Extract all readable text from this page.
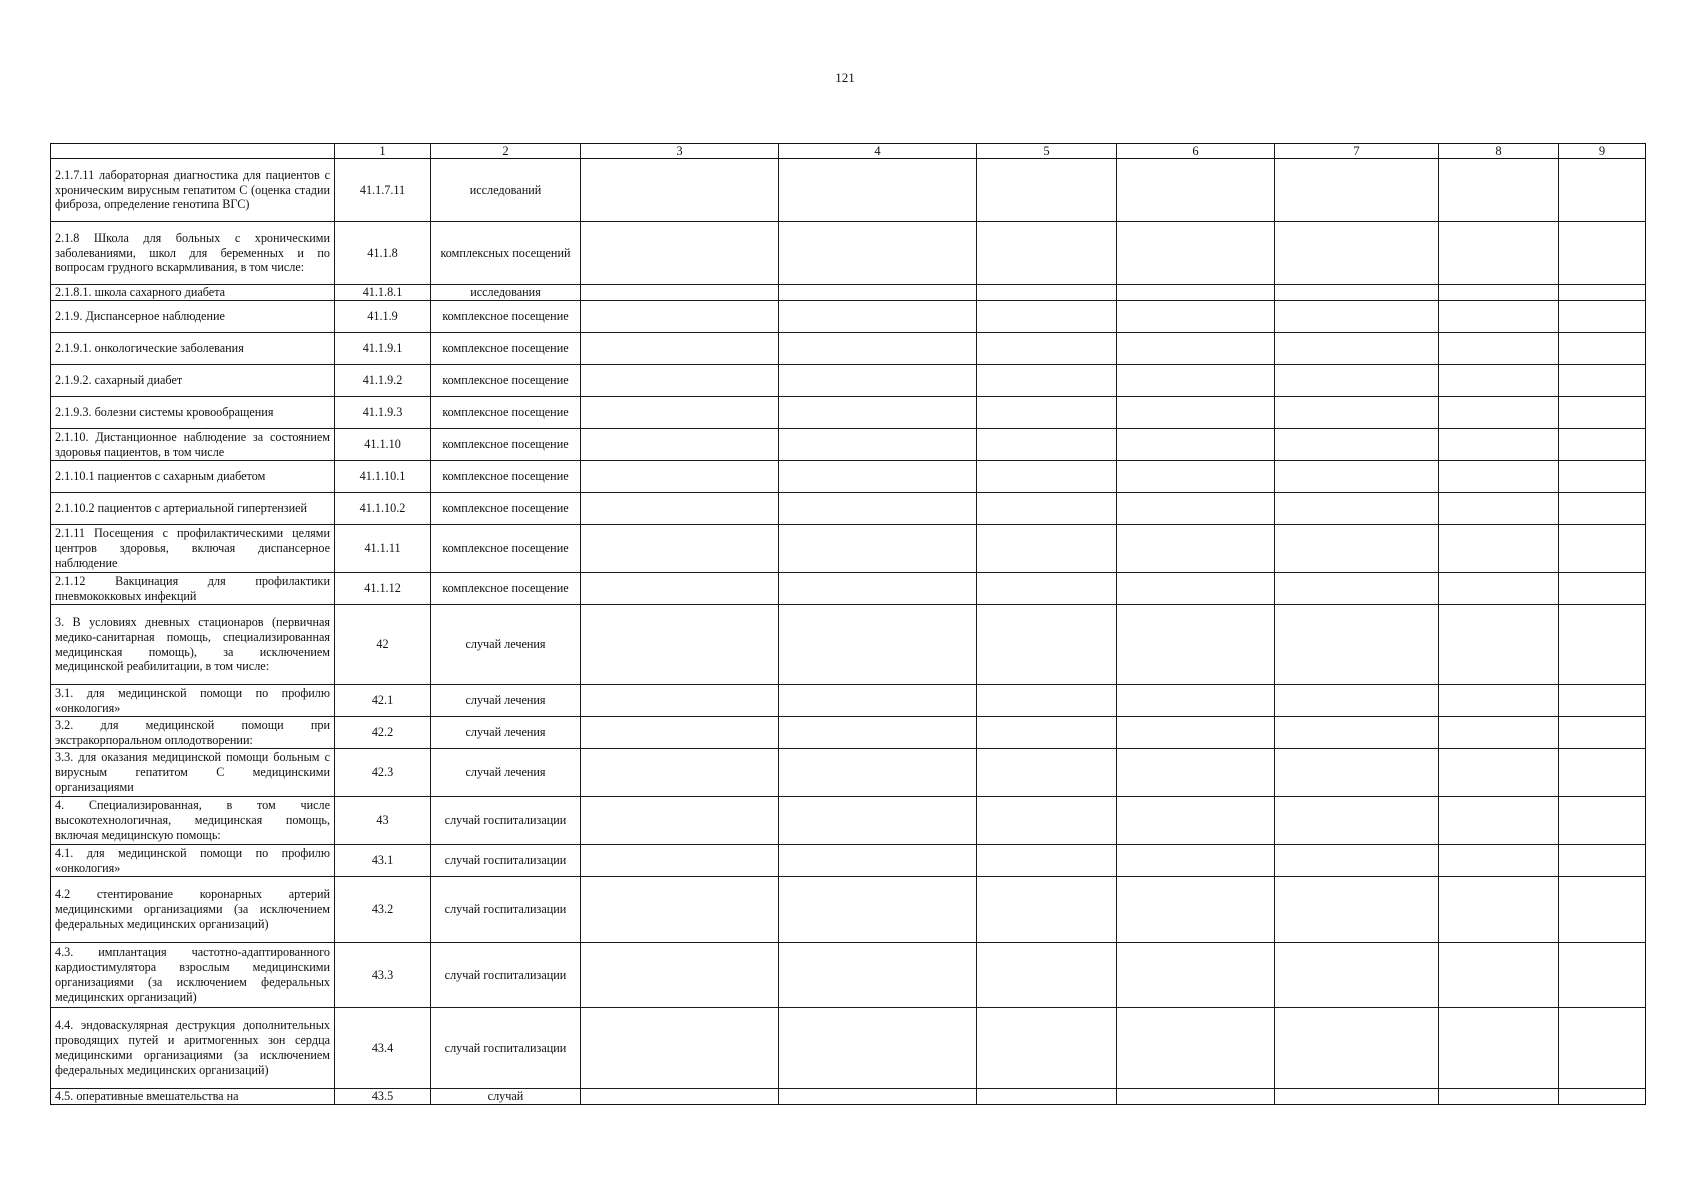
121
	1	2	3	4	5	6	7	8	9
2.1.7.11 лабораторная диагностика для пациентов с хроническим вирусным гепатитом С (оценка стадии фиброза, определение генотипа ВГС)	41.1.7.11	исследований							
2.1.8 Школа для больных с хроническими заболеваниями, школ для беременных и по вопросам грудного вскармливания, в том числе:	41.1.8	комплексных посещений							
2.1.8.1. школа сахарного диабета	41.1.8.1	исследования							
2.1.9. Диспансерное наблюдение	41.1.9	комплексное посещение							
2.1.9.1. онкологические заболевания	41.1.9.1	комплексное посещение							
2.1.9.2. сахарный диабет	41.1.9.2	комплексное посещение							
2.1.9.3. болезни системы кровообращения	41.1.9.3	комплексное посещение							
2.1.10. Дистанционное наблюдение за состоянием здоровья пациентов, в том числе	41.1.10	комплексное посещение							
2.1.10.1 пациентов с сахарным диабетом	41.1.10.1	комплексное посещение							
2.1.10.2 пациентов с артериальной гипертензией	41.1.10.2	комплексное посещение							
2.1.11 Посещения с профилактическими целями центров здоровья, включая диспансерное наблюдение	41.1.11	комплексное посещение							
2.1.12 Вакцинация для профилактики пневмококковых инфекций	41.1.12	комплексное посещение							
3. В условиях дневных стационаров (первичная медико-санитарная помощь, специализированная медицинская помощь), за исключением медицинской реабилитации, в том числе:	42	случай лечения							
3.1. для медицинской помощи по профилю «онкология»	42.1	случай лечения							
3.2. для медицинской помощи при экстракорпоральном оплодотворении:	42.2	случай лечения							
3.3. для оказания медицинской помощи больным с вирусным гепатитом С медицинскими организациями	42.3	случай лечения							
4. Специализированная, в том числе высокотехнологичная, медицинская помощь, включая медицинскую помощь:	43	случай госпитализации							
4.1. для медицинской помощи по профилю «онкология»	43.1	случай госпитализации							
4.2 стентирование коронарных артерий медицинскими организациями (за исключением федеральных медицинских организаций)	43.2	случай госпитализации							
4.3. имплантация частотно-адаптированного кардиостимулятора взрослым медицинскими организациями (за исключением федеральных медицинских организаций)	43.3	случай госпитализации							
4.4. эндоваскулярная деструкция дополнительных проводящих путей и аритмогенных зон сердца медицинскими организациями (за исключением федеральных медицинских организаций)	43.4	случай госпитализации							
4.5. оперативные вмешательства на	43.5	случай							
